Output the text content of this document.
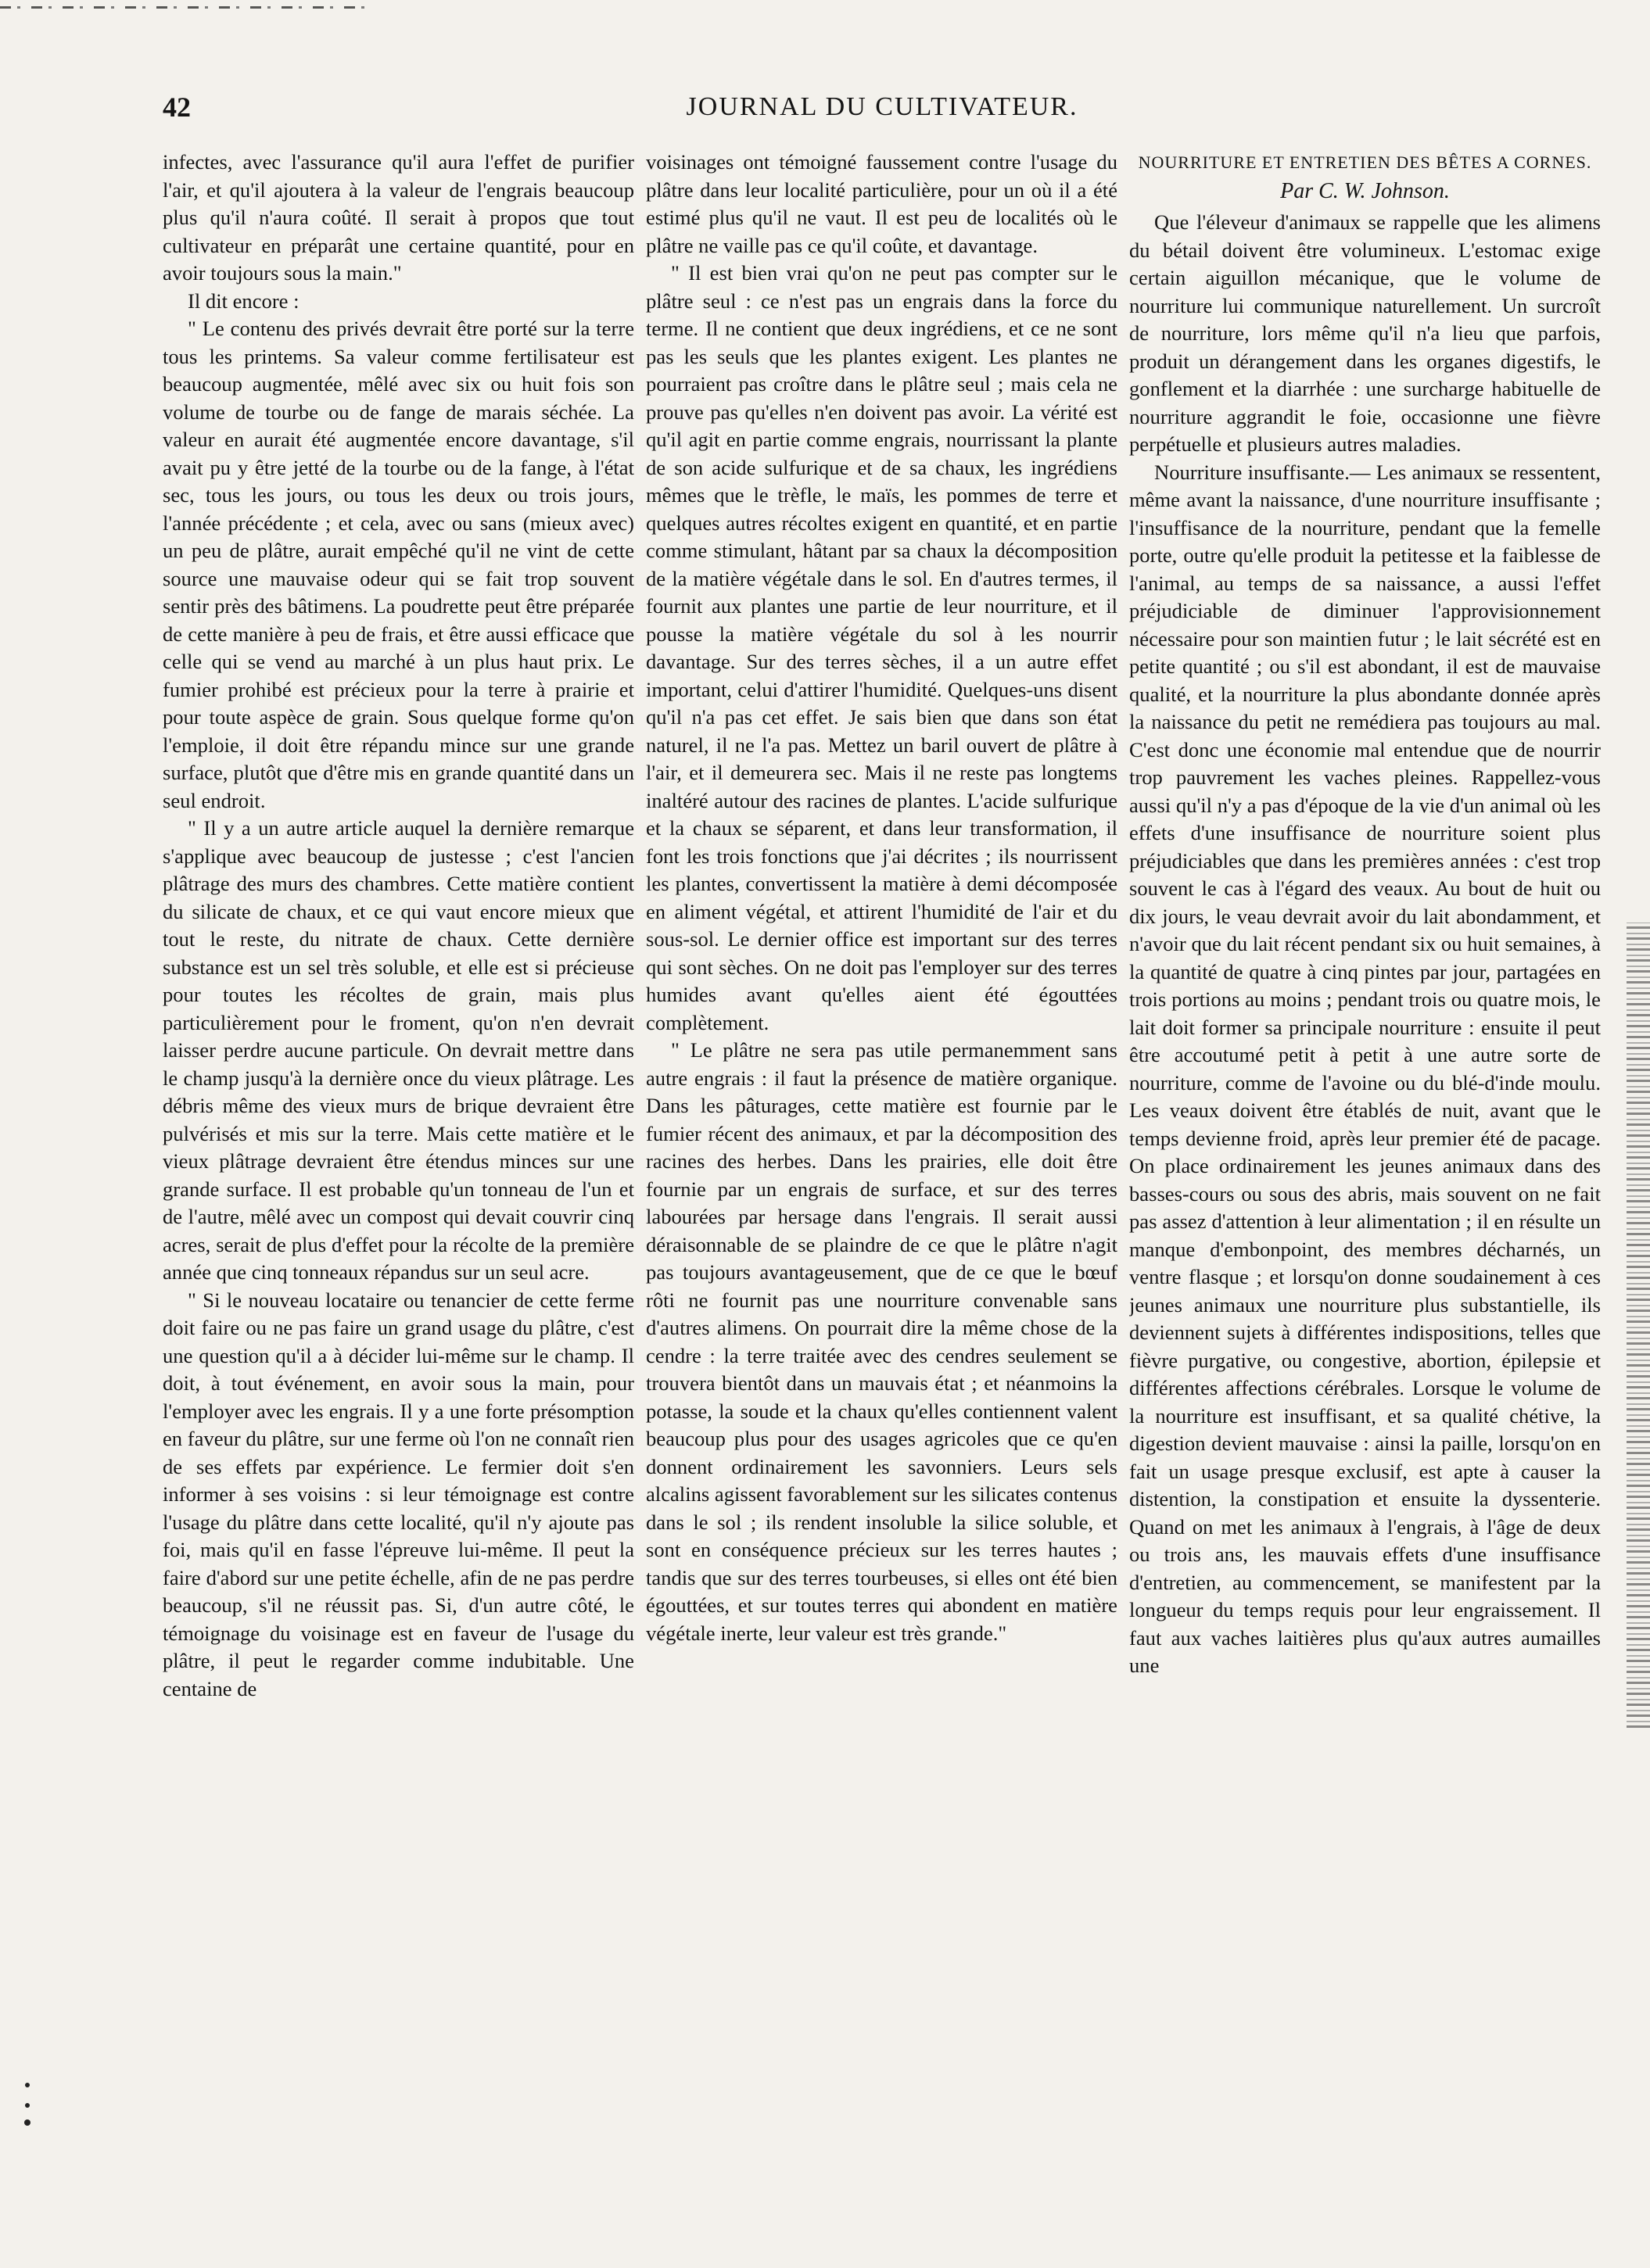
42	JOURNAL DU CULTIVATEUR.

infectes, avec l'assurance qu'il aura l'effet de purifier l'air, et qu'il ajoutera à la valeur de l'engrais beaucoup plus qu'il n'aura coûté. Il serait à propos que tout cultivateur en préparât une certaine quantité, pour en avoir toujours sous la main."

Il dit encore :

" Le contenu des privés devrait être porté sur la terre tous les printems. Sa valeur comme fertilisateur est beaucoup augmentée, mêlé avec six ou huit fois son volume de tourbe ou de fange de marais séchée. La valeur en aurait été augmentée encore davantage, s'il avait pu y être jetté de la tourbe ou de la fange, à l'état sec, tous les jours, ou tous les deux ou trois jours, l'année précédente ; et cela, avec ou sans (mieux avec) un peu de plâtre, aurait empêché qu'il ne vint de cette source une mauvaise odeur qui se fait trop souvent sentir près des bâtimens. La poudrette peut être préparée de cette manière à peu de frais, et être aussi efficace que celle qui se vend au marché à un plus haut prix. Le fumier prohibé est précieux pour la terre à prairie et pour toute aspèce de grain. Sous quelque forme qu'on l'emploie, il doit être répandu mince sur une grande surface, plutôt que d'être mis en grande quantité dans un seul endroit.

" Il y a un autre article auquel la dernière remarque s'applique avec beaucoup de justesse ; c'est l'ancien plâtrage des murs des chambres. Cette matière contient du silicate de chaux, et ce qui vaut encore mieux que tout le reste, du nitrate de chaux. Cette dernière substance est un sel très soluble, et elle est si précieuse pour toutes les récoltes de grain, mais plus particulièrement pour le froment, qu'on n'en devrait laisser perdre aucune particule. On devrait mettre dans le champ jusqu'à la dernière once du vieux plâtrage. Les débris même des vieux murs de brique devraient être pulvérisés et mis sur la terre. Mais cette matière et le vieux plâtrage devraient être étendus minces sur une grande surface. Il est probable qu'un tonneau de l'un et de l'autre, mêlé avec un compost qui devait couvrir cinq acres, serait de plus d'effet pour la récolte de la première année que cinq tonneaux répandus sur un seul acre.

" Si le nouveau locataire ou tenancier de cette ferme doit faire ou ne pas faire un grand usage du plâtre, c'est une question qu'il a à décider lui-même sur le champ. Il doit, à tout événement, en avoir sous la main, pour l'employer avec les engrais. Il y a une forte présomption en faveur du plâtre, sur une ferme où l'on ne connaît rien de ses effets par expérience. Le fermier doit s'en informer à ses voisins : si leur témoignage est contre l'usage du plâtre dans cette localité, qu'il n'y ajoute pas foi, mais qu'il en fasse l'épreuve lui-même. Il peut la faire d'abord sur une petite échelle, afin de ne pas perdre beaucoup, s'il ne réussit pas. Si, d'un autre côté, le témoignage du voisinage est en faveur de l'usage du plâtre, il peut le regarder comme indubitable. Une centaine de

voisinages ont témoigné faussement contre l'usage du plâtre dans leur localité particulière, pour un où il a été estimé plus qu'il ne vaut. Il est peu de localités où le plâtre ne vaille pas ce qu'il coûte, et davantage.

" Il est bien vrai qu'on ne peut pas compter sur le plâtre seul : ce n'est pas un engrais dans la force du terme. Il ne contient que deux ingrédiens, et ce ne sont pas les seuls que les plantes exigent. Les plantes ne pourraient pas croître dans le plâtre seul ; mais cela ne prouve pas qu'elles n'en doivent pas avoir. La vérité est qu'il agit en partie comme engrais, nourrissant la plante de son acide sulfurique et de sa chaux, les ingrédiens mêmes que le trèfle, le maïs, les pommes de terre et quelques autres récoltes exigent en quantité, et en partie comme stimulant, hâtant par sa chaux la décomposition de la matière végétale dans le sol. En d'autres termes, il fournit aux plantes une partie de leur nourriture, et il pousse la matière végétale du sol à les nourrir davantage. Sur des terres sèches, il a un autre effet important, celui d'attirer l'humidité. Quelques-uns disent qu'il n'a pas cet effet. Je sais bien que dans son état naturel, il ne l'a pas. Mettez un baril ouvert de plâtre à l'air, et il demeurera sec. Mais il ne reste pas longtems inaltéré autour des racines de plantes. L'acide sulfurique et la chaux se séparent, et dans leur transformation, il font les trois fonctions que j'ai décrites ; ils nourrissent les plantes, convertissent la matière à demi décomposée en aliment végétal, et attirent l'humidité de l'air et du sous-sol. Le dernier office est important sur des terres qui sont sèches. On ne doit pas l'employer sur des terres humides avant qu'elles aient été égouttées complètement.

" Le plâtre ne sera pas utile permanemment sans autre engrais : il faut la présence de matière organique. Dans les pâturages, cette matière est fournie par le fumier récent des animaux, et par la décomposition des racines des herbes. Dans les prairies, elle doit être fournie par un engrais de surface, et sur des terres labourées par hersage dans l'engrais. Il serait aussi déraisonnable de se plaindre de ce que le plâtre n'agit pas toujours avantageusement, que de ce que le bœuf rôti ne fournit pas une nourriture convenable sans d'autres alimens. On pourrait dire la même chose de la cendre : la terre traitée avec des cendres seulement se trouvera bientôt dans un mauvais état ; et néanmoins la potasse, la soude et la chaux qu'elles contiennent valent beaucoup plus pour des usages agricoles que ce qu'en donnent ordinairement les savonniers. Leurs sels alcalins agissent favorablement sur les silicates contenus dans le sol ; ils rendent insoluble la silice soluble, et sont en conséquence précieux sur les terres hautes ; tandis que sur des terres tourbeuses, si elles ont été bien égouttées, et sur toutes terres qui abondent en matière végétale inerte, leur valeur est très grande."

NOURRITURE ET ENTRETIEN DES BÊTES A CORNES.
Par C. W. Johnson.

Que l'éleveur d'animaux se rappelle que les alimens du bétail doivent être volumineux. L'estomac exige certain aiguillon mécanique, que le volume de nourriture lui communique naturellement. Un surcroît de nourriture, lors même qu'il n'a lieu que parfois, produit un dérangement dans les organes digestifs, le gonflement et la diarrhée : une surcharge habituelle de nourriture aggrandit le foie, occasionne une fièvre perpétuelle et plusieurs autres maladies.

Nourriture insuffisante.— Les animaux se ressentent, même avant la naissance, d'une nourriture insuffisante ; l'insuffisance de la nourriture, pendant que la femelle porte, outre qu'elle produit la petitesse et la faiblesse de l'animal, au temps de sa naissance, a aussi l'effet préjudiciable de diminuer l'approvisionnement nécessaire pour son maintien futur ; le lait sécrété est en petite quantité ; ou s'il est abondant, il est de mauvaise qualité, et la nourriture la plus abondante donnée après la naissance du petit ne remédiera pas toujours au mal. C'est donc une économie mal entendue que de nourrir trop pauvrement les vaches pleines. Rappellez-vous aussi qu'il n'y a pas d'époque de la vie d'un animal où les effets d'une insuffisance de nourriture soient plus préjudiciables que dans les premières années : c'est trop souvent le cas à l'égard des veaux. Au bout de huit ou dix jours, le veau devrait avoir du lait abondamment, et n'avoir que du lait récent pendant six ou huit semaines, à la quantité de quatre à cinq pintes par jour, partagées en trois portions au moins ; pendant trois ou quatre mois, le lait doit former sa principale nourriture : ensuite il peut être accoutumé petit à petit à une autre sorte de nourriture, comme de l'avoine ou du blé-d'inde moulu. Les veaux doivent être établés de nuit, avant que le temps devienne froid, après leur premier été de pacage. On place ordinairement les jeunes animaux dans des basses-cours ou sous des abris, mais souvent on ne fait pas assez d'attention à leur alimentation ; il en résulte un manque d'embonpoint, des membres décharnés, un ventre flasque ; et lorsqu'on donne soudainement à ces jeunes animaux une nourriture plus substantielle, ils deviennent sujets à différentes indispositions, telles que fièvre purgative, ou congestive, abortion, épilepsie et différentes affections cérébrales. Lorsque le volume de la nourriture est insuffisant, et sa qualité chétive, la digestion devient mauvaise : ainsi la paille, lorsqu'on en fait un usage presque exclusif, est apte à causer la distention, la constipation et ensuite la dyssenterie. Quand on met les animaux à l'engrais, à l'âge de deux ou trois ans, les mauvais effets d'une insuffisance d'entretien, au commencement, se manifestent par la longueur du temps requis pour leur engraissement. Il faut aux vaches laitières plus qu'aux autres aumailles une
